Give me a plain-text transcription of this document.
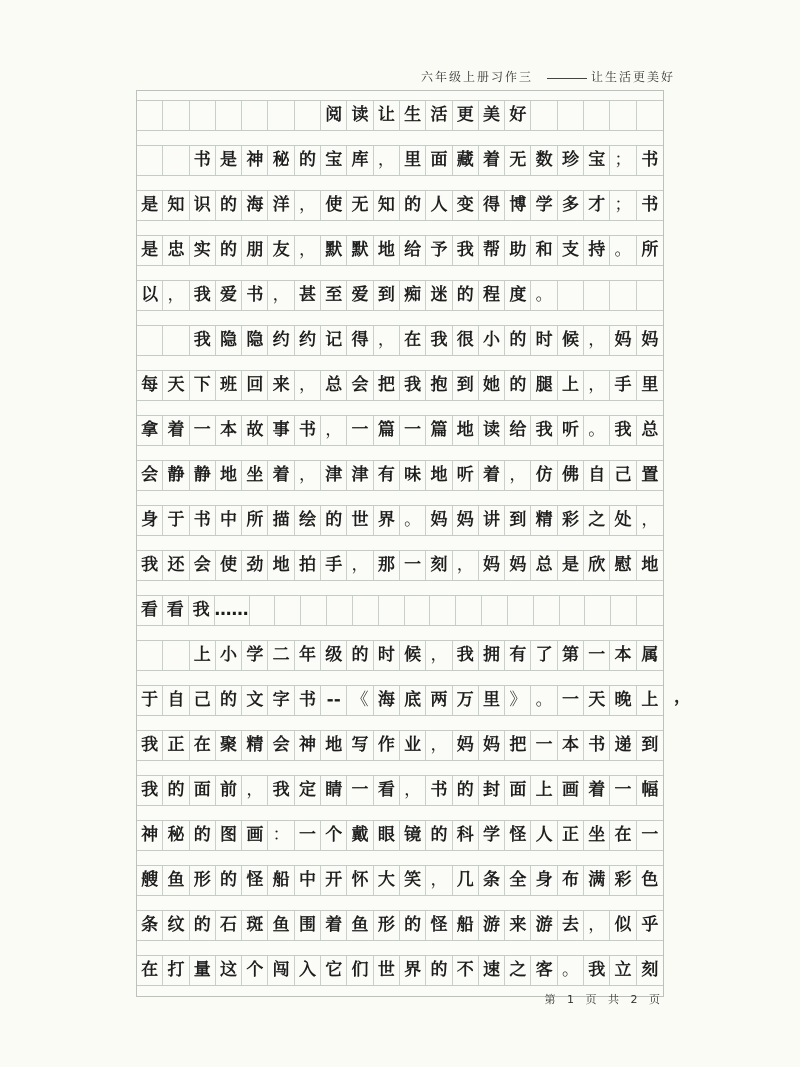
六年级上册习作三	让生活更美好
阅 读 让 生 活 更 美 好
书 是 神 秘 的 宝 库 ， 里 面 藏 着 无 数 珍 宝 ； 书
是 知 识 的 海 洋 ， 使 无 知 的 人 变 得 博 学 多 才 ； 书
是 忠 实 的 朋 友 ， 默 默 地 给 予 我 帮 助 和 支 持 。 所
以 ， 我 爱 书 ， 甚 至 爱 到 痴 迷 的 程 度 。
我 隐 隐 约 约 记 得 ， 在 我 很 小 的 时 候 ， 妈 妈
每 天 下 班 回 来 ， 总 会 把 我 抱 到 她 的 腿 上 ， 手 里
拿 着 一 本 故 事 书 ， 一 篇 一 篇 地 读 给 我 听 。 我 总
会 静 静 地 坐 着 ， 津 津 有 味 地 听 着 ， 仿 佛 自 己 置
身 于 书 中 所 描 绘 的 世 界 。 妈 妈 讲 到 精 彩 之 处 ，
我 还 会 使 劲 地 拍 手 ， 那 一 刻 ， 妈 妈 总 是 欣 慰 地
看 看 我 ……
上 小 学 二 年 级 的 时 候 ， 我 拥 有 了 第 一 本 属
于 自 己 的 文 字 书 -- 《 海 底 两 万 里 》 。 一 天 晚 上
我 正 在 聚 精 会 神 地 写 作 业 ， 妈 妈 把 一 本 书 递 到
我 的 面 前 ， 我 定 睛 一 看 ， 书 的 封 面 上 画 着 一 幅
神 秘 的 图 画 ： 一 个 戴 眼 镜 的 科 学 怪 人 正 坐 在 一
艘 鱼 形 的 怪 船 中 开 怀 大 笑 ， 几 条 全 身 布 满 彩 色
条 纹 的 石 斑 鱼 围 着 鱼 形 的 怪 船 游 来 游 去 ， 似 乎
在 打 量 这 个 闯 入 它 们 世 界 的 不 速 之 客 。 我 立 刻
，
第 1 页 共 2 页
